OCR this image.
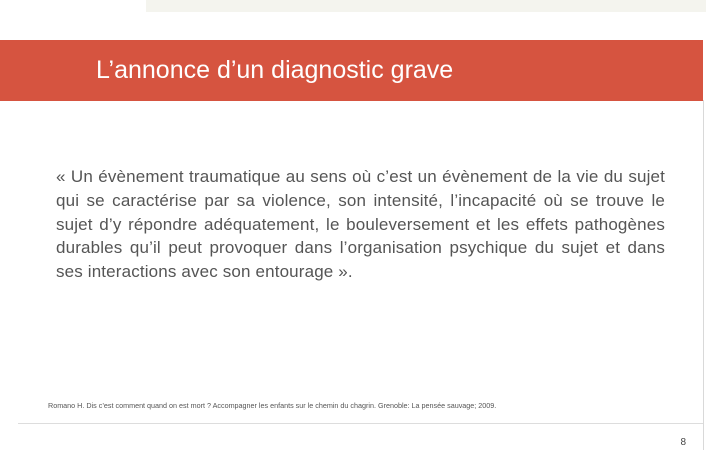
L’annonce d’un diagnostic grave

« Un évènement traumatique au sens où c’est un évènement de la vie du sujet qui se caractérise par sa violence, son intensité, l’incapacité où se trouve le sujet d’y répondre adéquatement, le bouleversement et les effets pathogènes durables qu’il peut provoquer dans l’organisation psychique du sujet et dans ses interactions avec son entourage ».

Romano H. Dis c’est comment quand on est mort ? Accompagner les enfants sur le chemin du chagrin. Grenoble: La pensée sauvage; 2009.
8
